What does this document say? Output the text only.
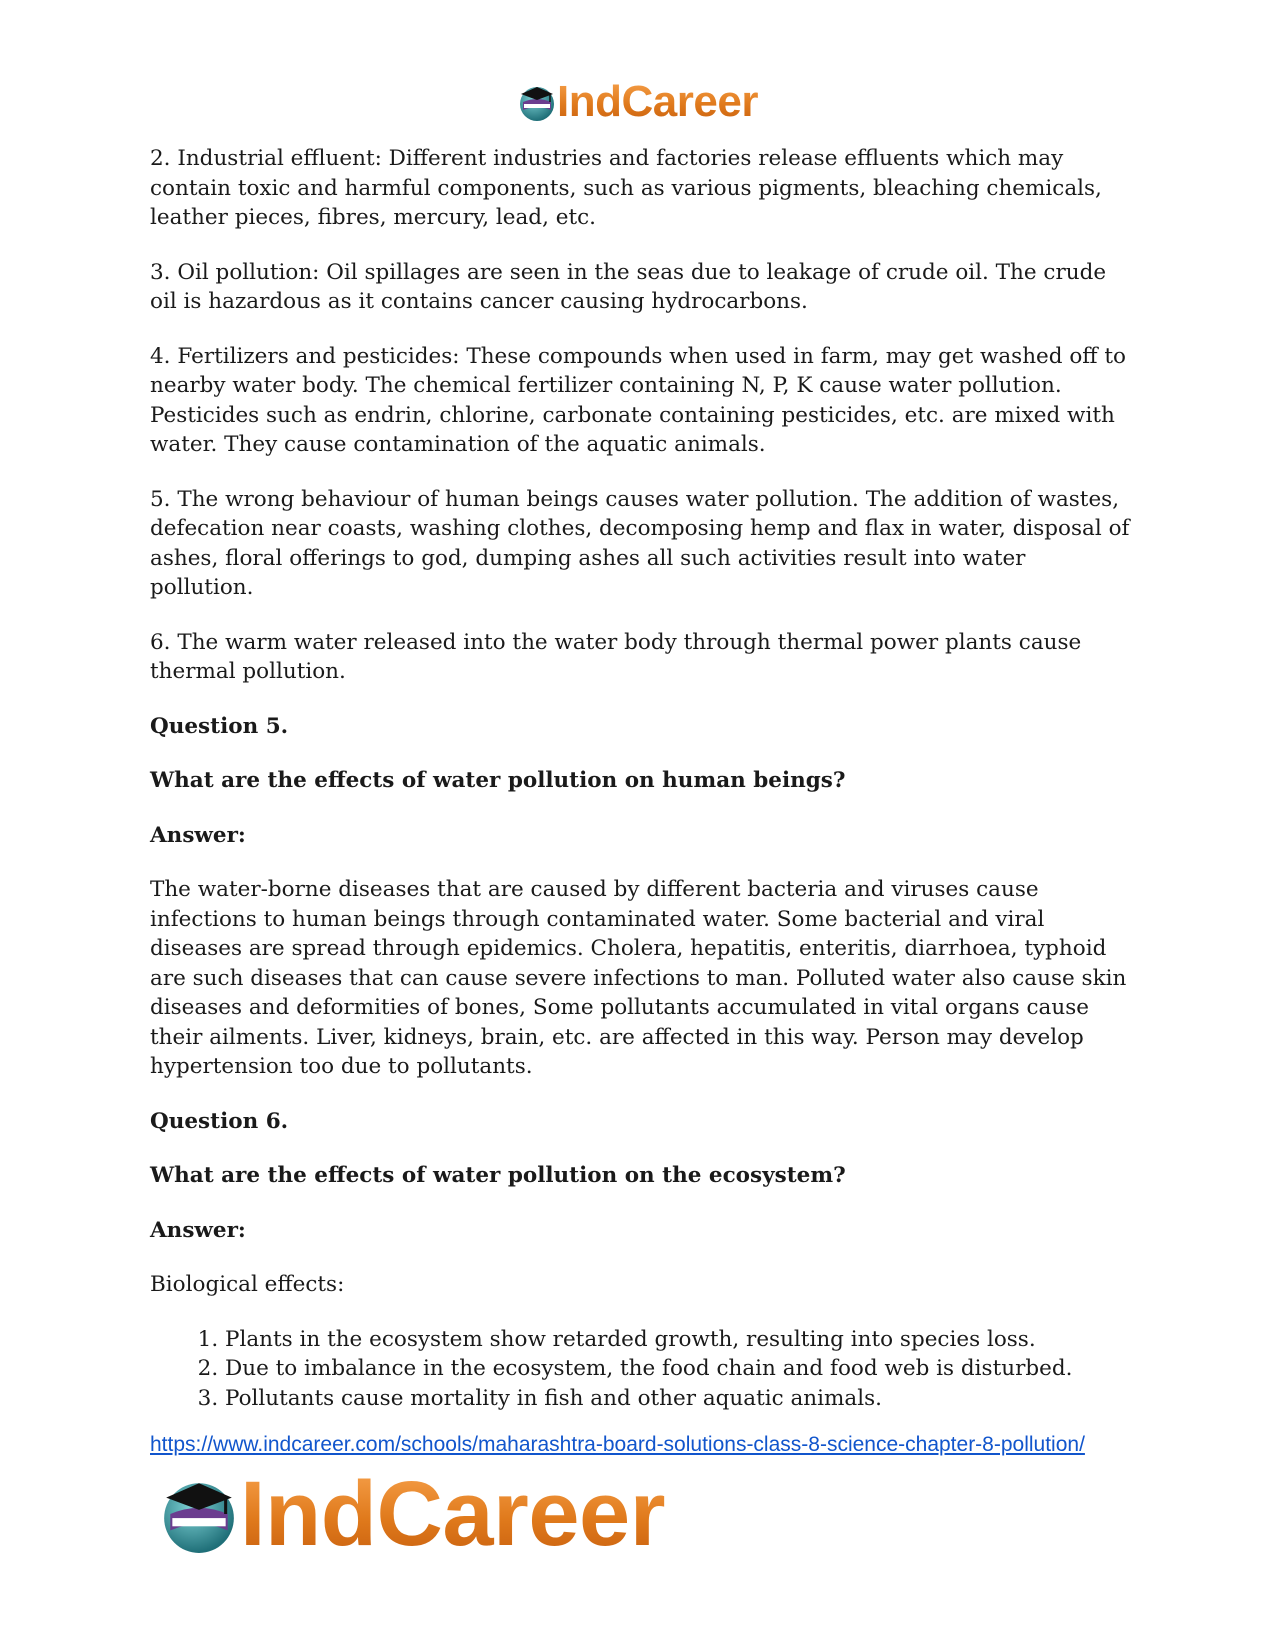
IndCareer

2. Industrial effluent: Different industries and factories release effluents which may contain toxic and harmful components, such as various pigments, bleaching chemicals, leather pieces, fibres, mercury, lead, etc.

3. Oil pollution: Oil spillages are seen in the seas due to leakage of crude oil. The crude oil is hazardous as it contains cancer causing hydrocarbons.

4. Fertilizers and pesticides: These compounds when used in farm, may get washed off to nearby water body. The chemical fertilizer containing N, P, K cause water pollution. Pesticides such as endrin, chlorine, carbonate containing pesticides, etc. are mixed with water. They cause contamination of the aquatic animals.

5. The wrong behaviour of human beings causes water pollution. The addition of wastes, defecation near coasts, washing clothes, decomposing hemp and flax in water, disposal of ashes, floral offerings to god, dumping ashes all such activities result into water pollution.

6. The warm water released into the water body through thermal power plants cause thermal pollution.

Question 5.

What are the effects of water pollution on human beings?

Answer:

The water-borne diseases that are caused by different bacteria and viruses cause infections to human beings through contaminated water. Some bacterial and viral diseases are spread through epidemics. Cholera, hepatitis, enteritis, diarrhoea, typhoid are such diseases that can cause severe infections to man. Polluted water also cause skin diseases and deformities of bones, Some pollutants accumulated in vital organs cause their ailments. Liver, kidneys, brain, etc. are affected in this way. Person may develop hypertension too due to pollutants.

Question 6.

What are the effects of water pollution on the ecosystem?

Answer:

Biological effects:

1. Plants in the ecosystem show retarded growth, resulting into species loss.
2. Due to imbalance in the ecosystem, the food chain and food web is disturbed.
3. Pollutants cause mortality in fish and other aquatic animals.
https://www.indcareer.com/schools/maharashtra-board-solutions-class-8-science-chapter-8-pollution/
IndCareer
